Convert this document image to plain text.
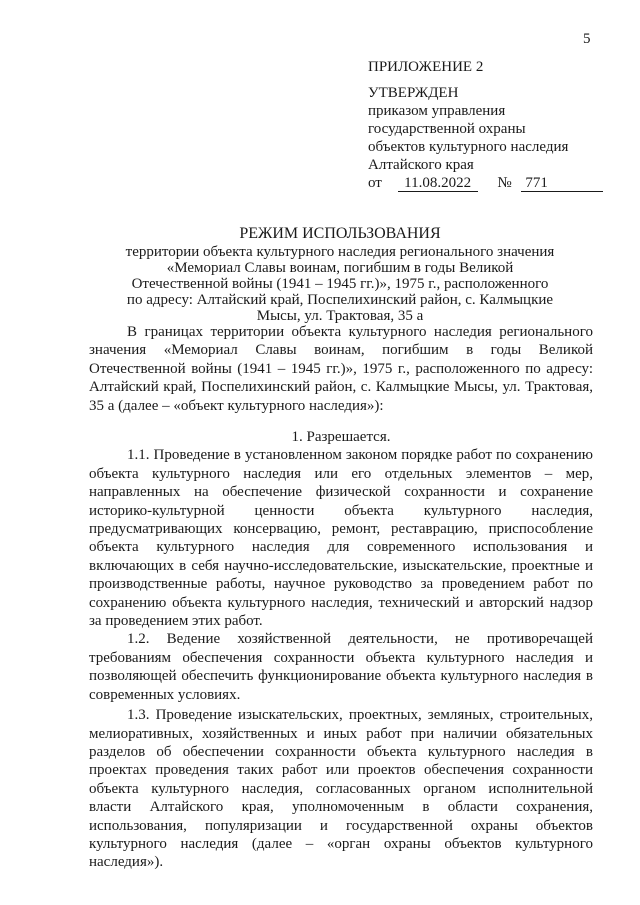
5
ПРИЛОЖЕНИЕ 2
УТВЕРЖДЕН
приказом управления
государственной охраны
объектов культурного наследия
Алтайского края
от 11.08.2022 № 771
РЕЖИМ ИСПОЛЬЗОВАНИЯ
территории объекта культурного наследия регионального значения
«Мемориал Славы воинам, погибшим в годы Великой
Отечественной войны (1941 – 1945 гг.)», 1975 г., расположенного
по адресу: Алтайский край, Поспелихинский район, с. Калмыцкие
Мысы, ул. Трактовая, 35 а

В границах территории объекта культурного наследия регионального значения «Мемориал Славы воинам, погибшим в годы Великой Отечественной войны (1941 – 1945 гг.)», 1975 г., расположенного по адресу: Алтайский край, Поспелихинский район, с. Калмыцкие Мысы, ул. Трактовая, 35 а (далее – «объект культурного наследия»):

1. Разрешается.

1.1. Проведение в установленном законом порядке работ по сохранению объекта культурного наследия или его отдельных элементов – мер, направленных на обеспечение физической сохранности и сохранение историко-культурной ценности объекта культурного наследия, предусматривающих консервацию, ремонт, реставрацию, приспособление объекта культурного наследия для современного использования и включающих в себя научно-исследовательские, изыскательские, проектные и производственные работы, научное руководство за проведением работ по сохранению объекта культурного наследия, технический и авторский надзор за проведением этих работ.

1.2. Ведение хозяйственной деятельности, не противоречащей требованиям обеспечения сохранности объекта культурного наследия и позволяющей обеспечить функционирование объекта культурного наследия в современных условиях.

1.3. Проведение изыскательских, проектных, земляных, строительных, мелиоративных, хозяйственных и иных работ при наличии обязательных разделов об обеспечении сохранности объекта культурного наследия в проектах проведения таких работ или проектов обеспечения сохранности объекта культурного наследия, согласованных органом исполнительной власти Алтайского края, уполномоченным в области сохранения, использования, популяризации и государственной охраны объектов культурного наследия (далее – «орган охраны объектов культурного наследия»).
